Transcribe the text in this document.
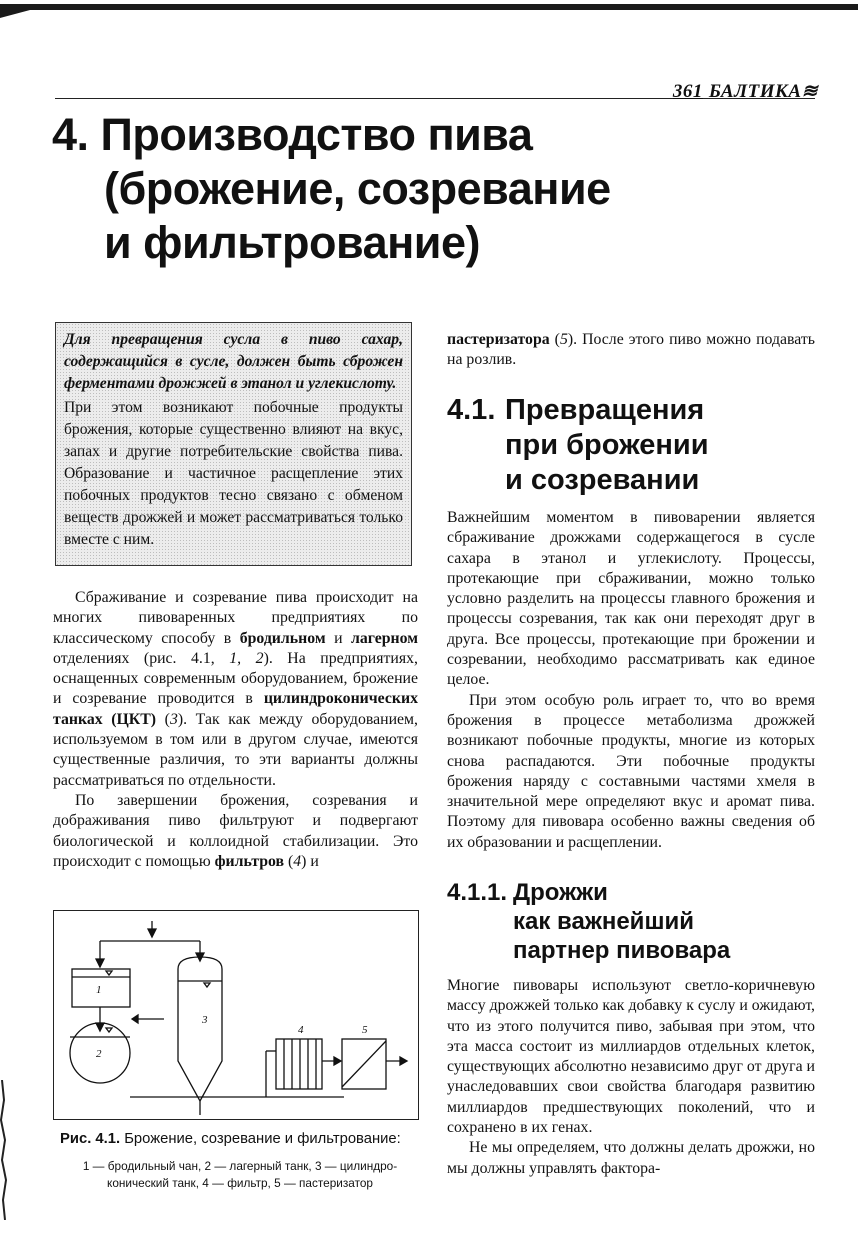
361 БАЛТИКА≋
4. Производство пива
(брожение, созревание
и фильтрование)

Для превращения сусла в пиво сахар, содержащийся в сусле, должен быть сброжен ферментами дрожжей в этанол и углекислоту.

При этом возникают побочные продукты брожения, которые существенно влияют на вкус, запах и другие потребительские свойства пива. Образование и частичное расщепление этих побочных продуктов тесно связано с обменом веществ дрожжей и может рассматриваться только вместе с ним.

Сбраживание и созревание пива происходит на многих пивоваренных предприятиях по классическому способу в бродильном и лагерном отделениях (рис. 4.1, 1, 2). На предприятиях, оснащенных современным оборудованием, брожение и созревание проводится в цилиндроконических танках (ЦКТ) (3). Так как между оборудованием, используемом в том или в другом случае, имеются существенные различия, то эти варианты должны рассматриваться по отдельности.

По завершении брожения, созревания и дображивания пиво фильтруют и подвергают биологической и коллоидной стабилизации. Это происходит с помощью фильтров (4) и

1
2
3
4	5
Рис. 4.1. Брожение, созревание и фильтрование:
1 — бродильный чан, 2 — лагерный танк, 3 — цилиндро-
конический танк, 4 — фильтр, 5 — пастеризатор

пастеризатора (5). После этого пиво можно подавать на розлив.

4.1. Превращения
при брожении
и созревании

Важнейшим моментом в пивоварении является сбраживание дрожжами содержащегося в сусле сахара в этанол и углекислоту. Процессы, протекающие при сбраживании, можно только условно разделить на процессы главного брожения и процессы созревания, так как они переходят друг в друга. Все процессы, протекающие при брожении и созревании, необходимо рассматривать как единое целое.

При этом особую роль играет то, что во время брожения в процессе метаболизма дрожжей возникают побочные продукты, многие из которых снова распадаются. Эти побочные продукты брожения наряду с составными частями хмеля в значительной мере определяют вкус и аромат пива. Поэтому для пивовара особенно важны сведения об их образовании и расщеплении.

4.1.1. Дрожжи
как важнейший
партнер пивовара

Многие пивовары используют светло-коричневую массу дрожжей только как добавку к суслу и ожидают, что из этого получится пиво, забывая при этом, что эта масса состоит из миллиардов отдельных клеток, существующих абсолютно независимо друг от друга и унаследовавших свои свойства благодаря развитию миллиардов предшествующих поколений, что и сохранено в их генах.

Не мы определяем, что должны делать дрожжи, но мы должны управлять фактора-
